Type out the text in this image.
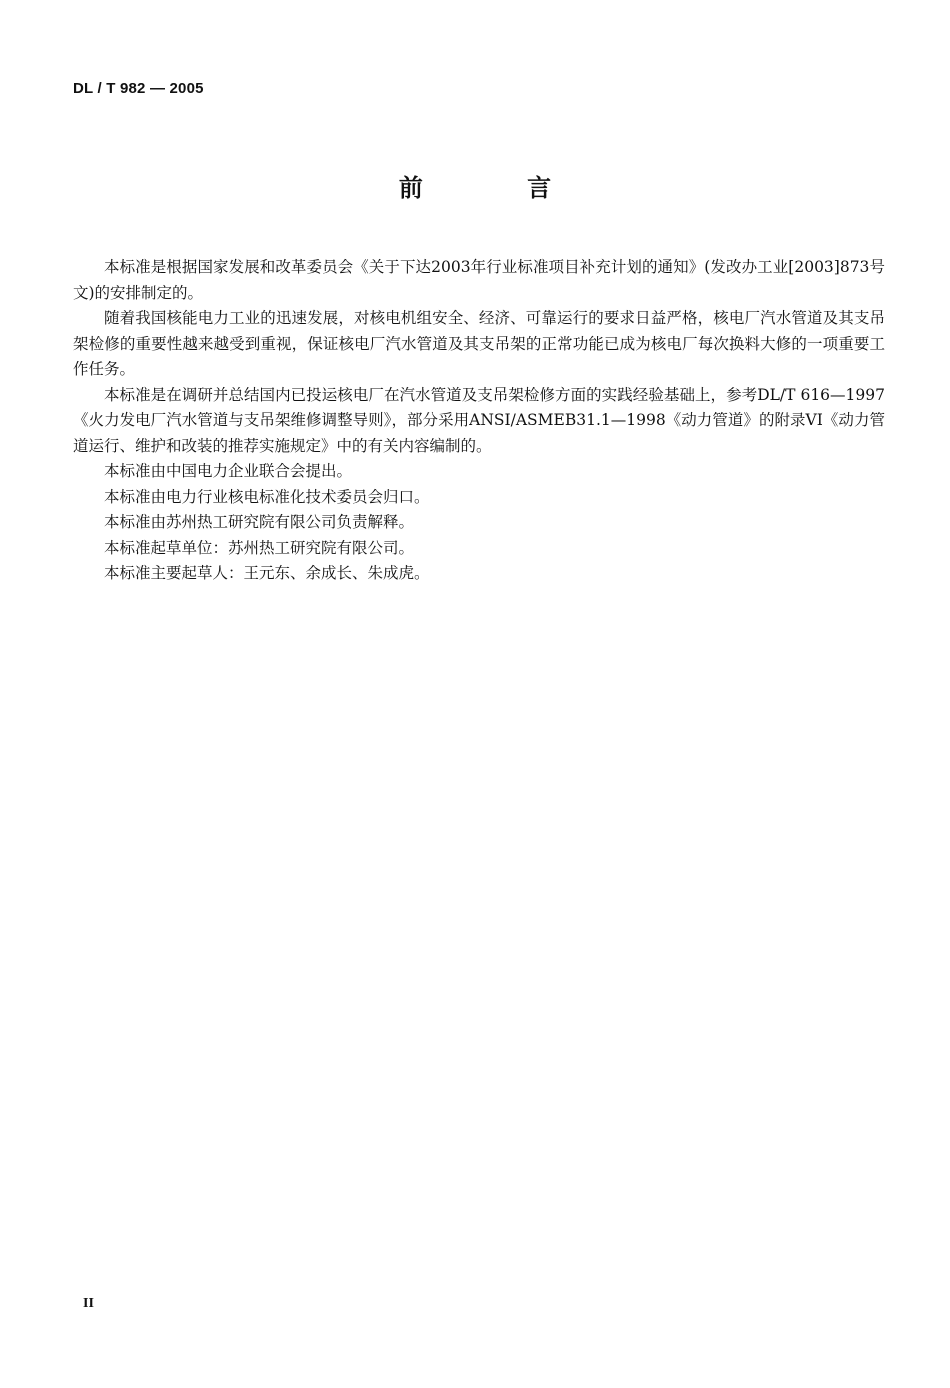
DL / T 982 — 2005
前 言

本标准是根据国家发展和改革委员会《关于下达2003年行业标准项目补充计划的通知》(发改办工业[2003]873号文)的安排制定的。

随着我国核能电力工业的迅速发展，对核电机组安全、经济、可靠运行的要求日益严格，核电厂汽水管道及其支吊架检修的重要性越来越受到重视，保证核电厂汽水管道及其支吊架的正常功能已成为核电厂每次换料大修的一项重要工作任务。

本标准是在调研并总结国内已投运核电厂在汽水管道及支吊架检修方面的实践经验基础上，参考DL/T 616—1997《火力发电厂汽水管道与支吊架维修调整导则》，部分采用ANSI/ASMEB31.1—1998《动力管道》的附录VI《动力管道运行、维护和改装的推荐实施规定》中的有关内容编制的。

本标准由中国电力企业联合会提出。

本标准由电力行业核电标准化技术委员会归口。

本标准由苏州热工研究院有限公司负责解释。

本标准起草单位：苏州热工研究院有限公司。

本标准主要起草人：王元东、余成长、朱成虎。

II
